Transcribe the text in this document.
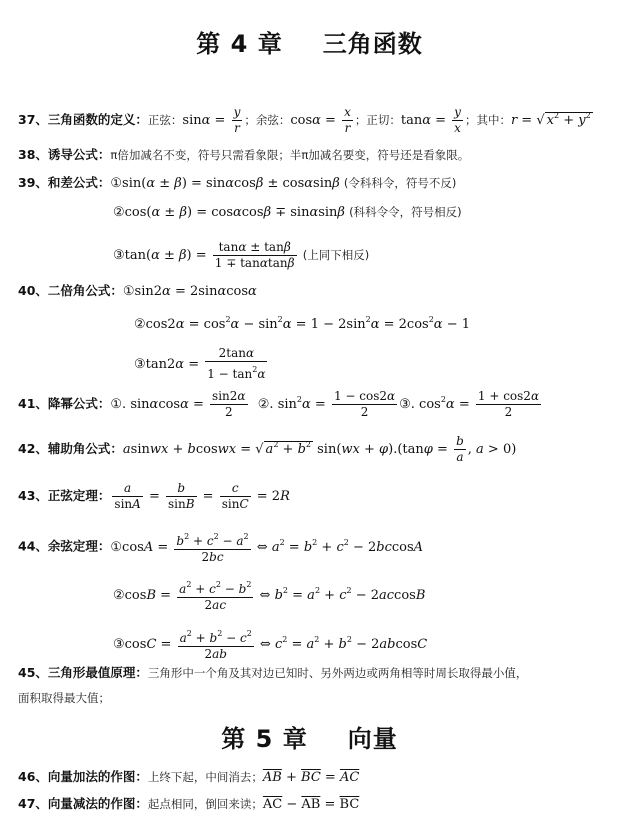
第 4 章 三角函数
37、三角函数的定义：正弦：$\sin\alpha = \frac{y}{r}$ ；余弦：$\cos\alpha = \frac{x}{r}$ ；正切：$\tan\alpha = \frac{y}{x}$ ；其中：r = √ $x^2 + y^2$
38、诱导公式：π倍加减名不变，符号只需看象限；半π加减名要变，符号还是看象限。
39、和差公式：①sin(α ± β) = sinαcosβ ± cosαsinβ (令科科令，符号不反)
②cos(α ± β) = cosαcosβ ∓ sinαsinβ (科科令令，符号相反)
③tan(α ± $\beta) = \frac{\tan\alpha \pm \tan\beta}{1 \mp \tan\alpha\tan\beta}$ (上同下相反)
40、二倍角公式：①sin2α = 2sinαcosα
②cos2α = $\cos^2\alpha - \sin^2\alpha = 1 - 2\sin^2\alpha = 2\cos^2\alpha - 1$
③tan2α = $\frac{2\tan\alpha}{1 - \tan^2\alpha}$
41、降幂公式：①. $\sin\alpha\cos\alpha = \frac{\sin 2\alpha}{2}$ ②. $\sin^2\alpha = \frac{1 - \cos 2\alpha}{2}$ ③. $\cos^2\alpha = \frac{1 + \cos 2\alpha}{2}$
42、辅助角公式：asinwx + bcoswx = √ $a^2 + b^2$ $\sin(wx + \varphi).(\tan\varphi = \frac{b}{a}$ , a > 0)
43、正弦定理： $\frac{a}{\sin A} = \frac{b}{\sin B} = \frac{c}{\sin C} = 2R$
44、余弦定理：①cosA = $\frac{b^2 + c^2 - a^2}{2bc}$ ⇔ $a^2 = b^2 + c^2 - 2bccosA$
②cosB = $\frac{a^2 + c^2 - b^2}{2ac}$ ⇔ $b^2 = a^2 + c^2 - 2accosB$
③cosC = $\frac{a^2 + b^2 - c^2}{2ab}$ ⇔ $c^2 = a^2 + b^2 - 2abcosC$
45、三角形最值原理：三角形中一个角及其对边已知时、另外两边或两角相等时周长取得最小值，
面积取得最大值；
第 5 章 向量
46、向量加法的作图：上终下起，中间消去；$\overline{AB} + \overline{BC} = \overline{AC}$
47、向量减法的作图：起点相同，倒回来读；$\overline{AC} - \overline{AB} = \overline{BC}$
